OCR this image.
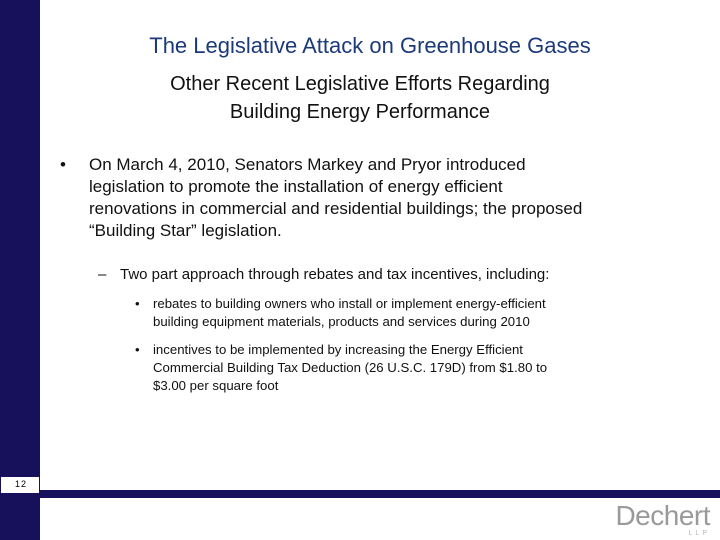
12
The Legislative Attack on Greenhouse Gases
Other Recent Legislative Efforts Regarding
Building Energy Performance
• On March 4, 2010, Senators Markey and Pryor introduced
legislation to promote the installation of energy efficient
renovations in commercial and residential buildings; the proposed
“Building Star” legislation.
– Two part approach through rebates and tax incentives, including:
• rebates to building owners who install or implement energy-efficient
building equipment materials, products and services during 2010
• incentives to be implemented by increasing the Energy Efficient
Commercial Building Tax Deduction (26 U.S.C. 179D) from $1.80 to
$3.00 per square foot
Dechert
LLP
